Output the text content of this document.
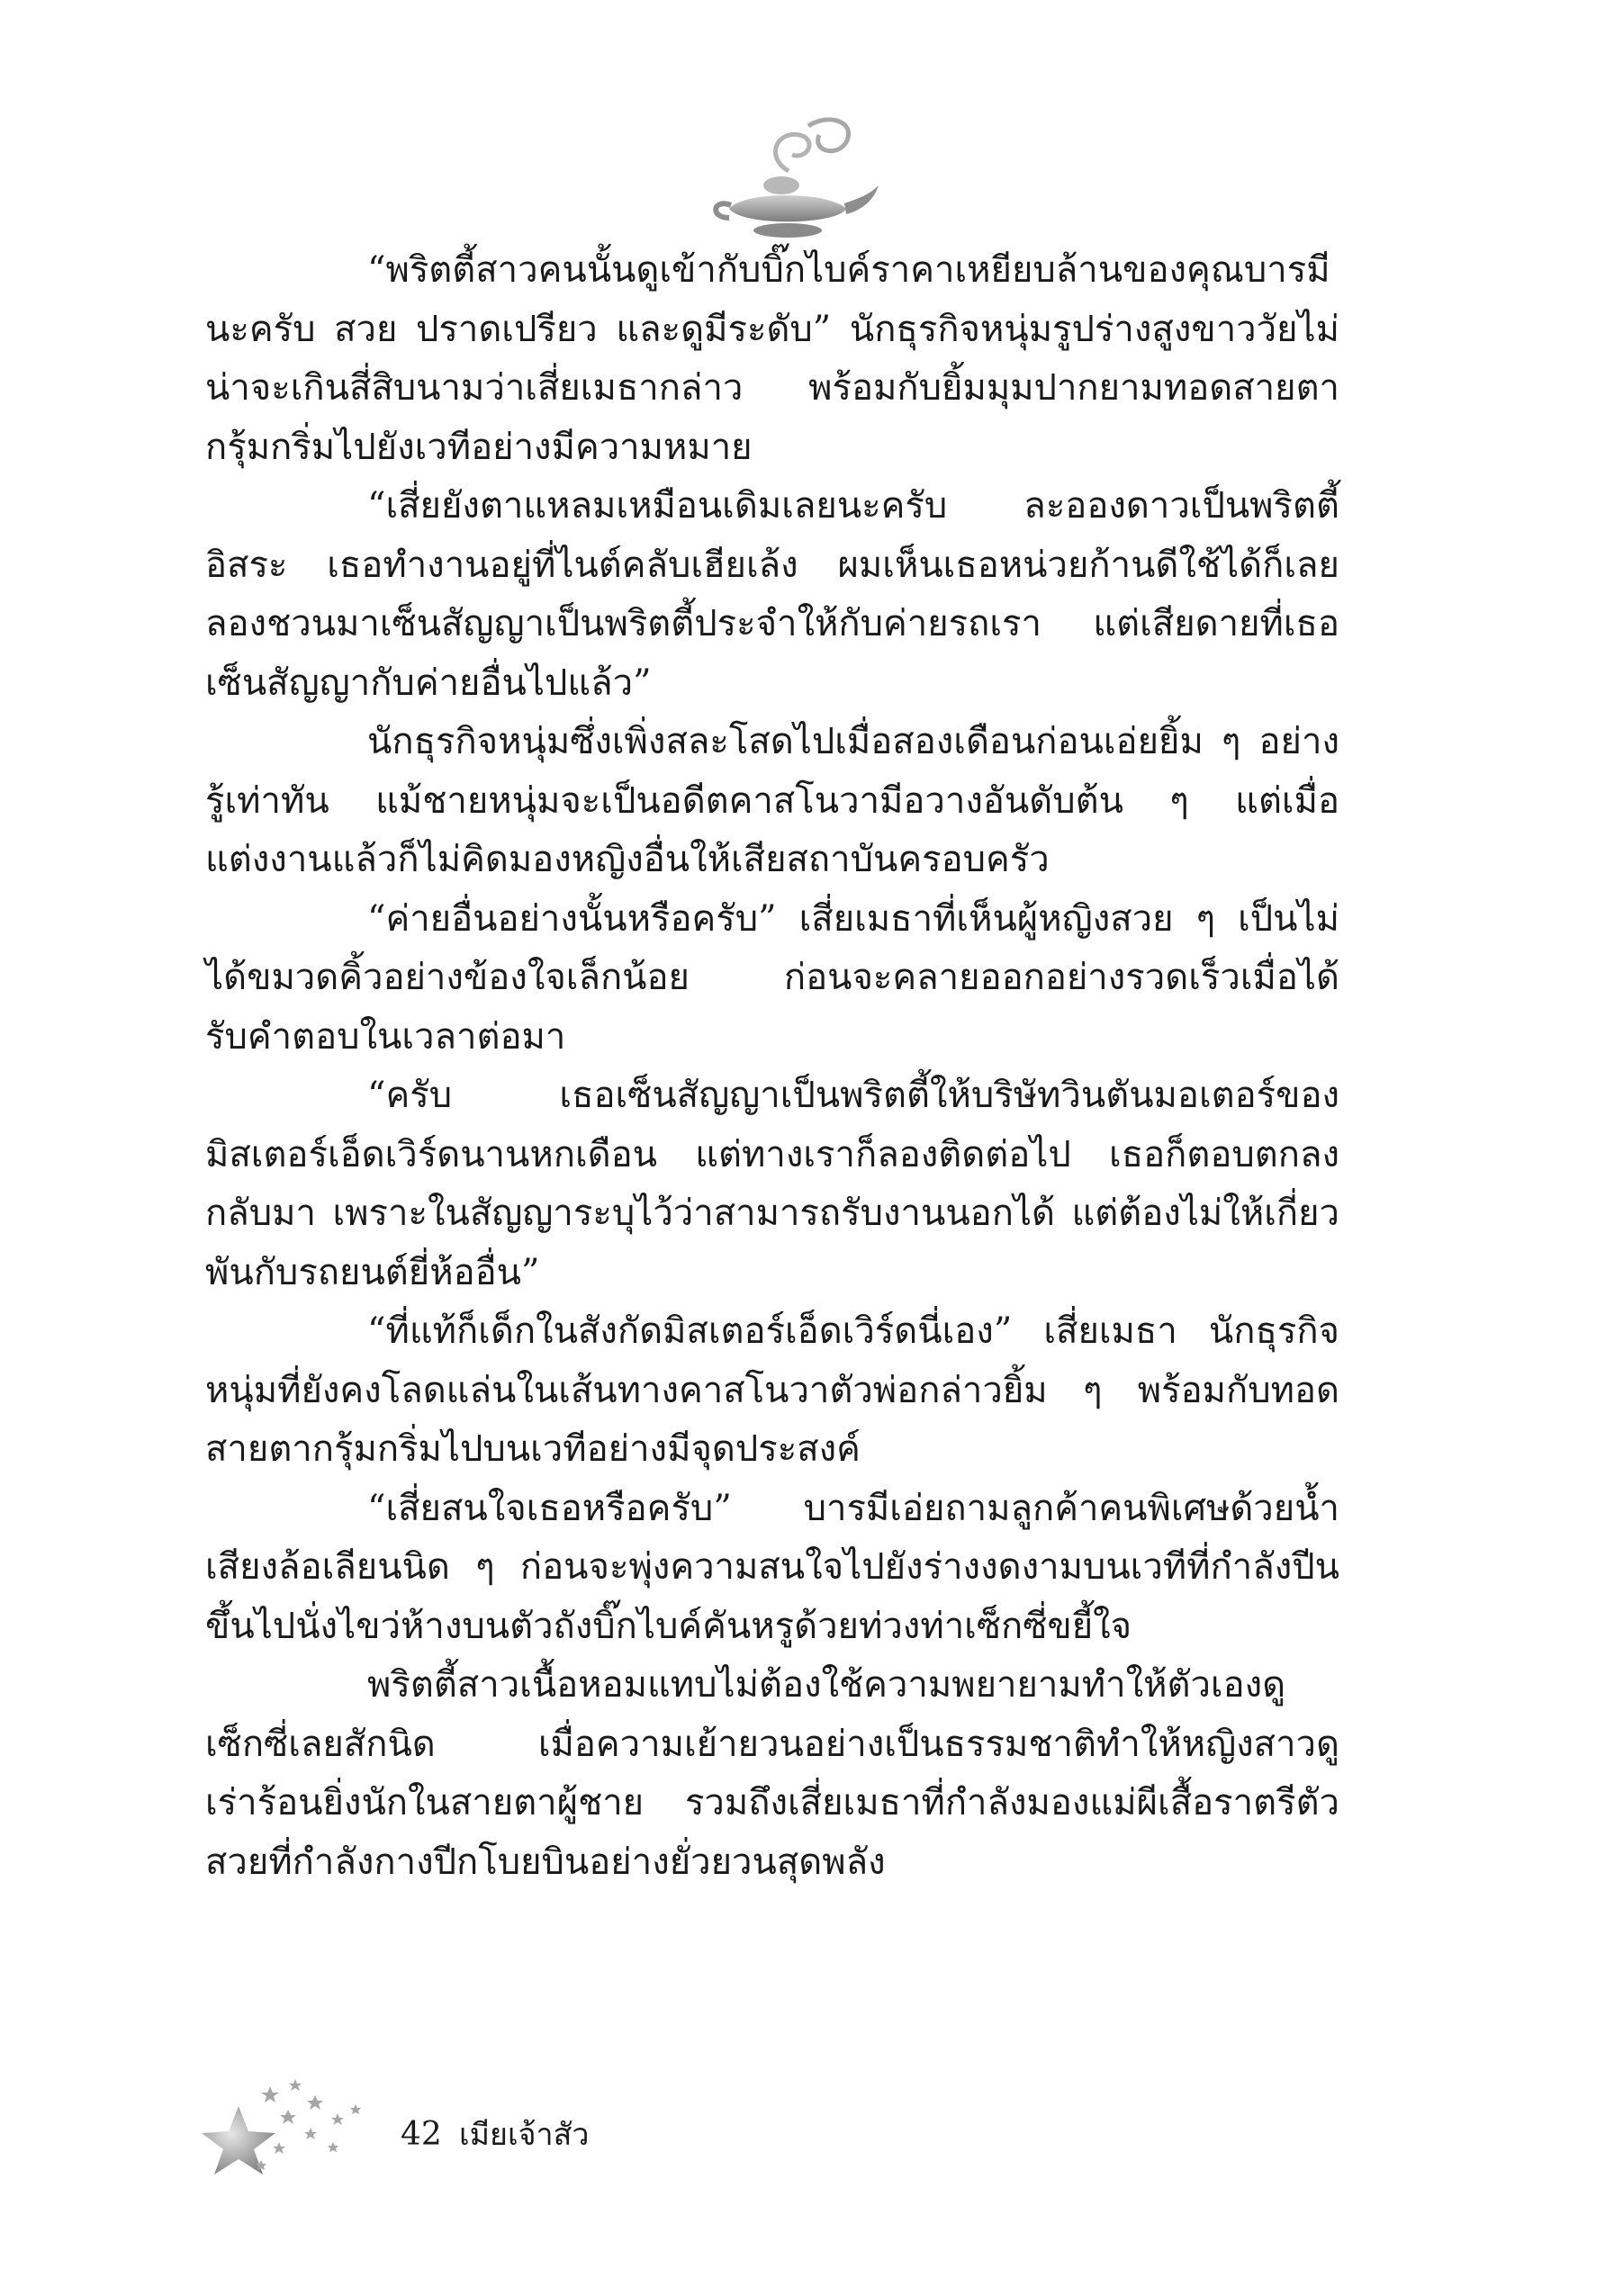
“พริตตี้สาวคนนั้นดูเข้ากับบิ๊กไบค์ราคาเหยียบล้านของคุณบารมีนะครับ สวย ปราดเปรียว และดูมีระดับ” นักธุรกิจหนุ่มรูปร่างสูงขาววัยไม่น่าจะเกินสี่สิบนามว่าเสี่ยเมธากล่าว พร้อมกับยิ้มมุมปากยามทอดสายตากรุ้มกริ่มไปยังเวทีอย่างมีความหมาย

“เสี่ยยังตาแหลมเหมือนเดิมเลยนะครับ ละอองดาวเป็นพริตตี้อิสระ เธอทำงานอยู่ที่ไนต์คลับเฮียเล้ง ผมเห็นเธอหน่วยก้านดีใช้ได้ก็เลยลองชวนมาเซ็นสัญญาเป็นพริตตี้ประจำให้กับค่ายรถเรา แต่เสียดายที่เธอเซ็นสัญญากับค่ายอื่นไปแล้ว”

นักธุรกิจหนุ่มซึ่งเพิ่งสละโสดไปเมื่อสองเดือนก่อนเอ่ยยิ้ม ๆ อย่างรู้เท่าทัน แม้ชายหนุ่มจะเป็นอดีตคาสโนวามีอวางอันดับต้น ๆ แต่เมื่อแต่งงานแล้วก็ไม่คิดมองหญิงอื่นให้เสียสถาบันครอบครัว

“ค่ายอื่นอย่างนั้นหรือครับ” เสี่ยเมธาที่เห็นผู้หญิงสวย ๆ เป็นไม่ได้ขมวดคิ้วอย่างข้องใจเล็กน้อย ก่อนจะคลายออกอย่างรวดเร็วเมื่อได้รับคำตอบในเวลาต่อมา

“ครับ เธอเซ็นสัญญาเป็นพริตตี้ให้บริษัทวินตันมอเตอร์ของมิสเตอร์เอ็ดเวิร์ดนานหกเดือน แต่ทางเราก็ลองติดต่อไป เธอก็ตอบตกลงกลับมา เพราะในสัญญาระบุไว้ว่าสามารถรับงานนอกได้ แต่ต้องไม่ให้เกี่ยวพันกับรถยนต์ยี่ห้ออื่น”

“ที่แท้ก็เด็กในสังกัดมิสเตอร์เอ็ดเวิร์ดนี่เอง” เสี่ยเมธา นักธุรกิจหนุ่มที่ยังคงโลดแล่นในเส้นทางคาสโนวาตัวพ่อกล่าวยิ้ม ๆ พร้อมกับทอดสายตากรุ้มกริ่มไปบนเวทีอย่างมีจุดประสงค์

“เสี่ยสนใจเธอหรือครับ” บารมีเอ่ยถามลูกค้าคนพิเศษด้วยน้ำเสียงล้อเลียนนิด ๆ ก่อนจะพุ่งความสนใจไปยังร่างงดงามบนเวทีที่กำลังปีนขึ้นไปนั่งไขว่ห้างบนตัวถังบิ๊กไบค์คันหรูด้วยท่วงท่าเซ็กซี่ขยี้ใจ

พริตตี้สาวเนื้อหอมแทบไม่ต้องใช้ความพยายามทำให้ตัวเองดูเซ็กซี่เลยสักนิด เมื่อความเย้ายวนอย่างเป็นธรรมชาติทำให้หญิงสาวดูเร่าร้อนยิ่งนักในสายตาผู้ชาย รวมถึงเสี่ยเมธาที่กำลังมองแม่ผีเสื้อราตรีตัวสวยที่กำลังกางปีกโบยบินอย่างยั่วยวนสุดพลัง

42 เมียเจ้าสัว
